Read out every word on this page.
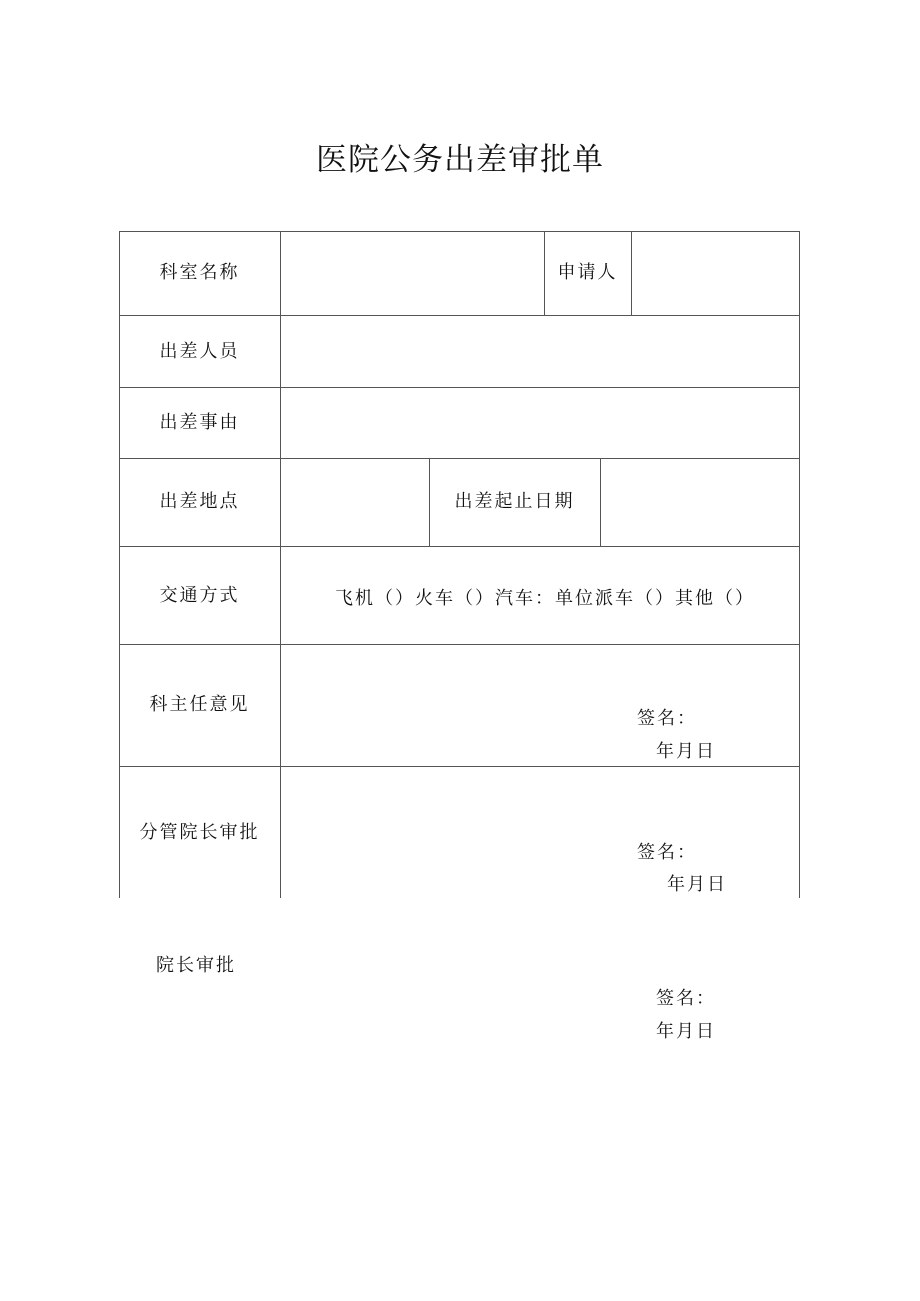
医院公务出差审批单
科室名称	申请人
出差人员
出差事由
出差地点	出差起止日期
交通方式	飞机（）火车（）汽车：单位派车（）其他（）
科主任意见
签名：
年月日
分管院长审批
签名：
年月日
院长审批
签名：
年月日
